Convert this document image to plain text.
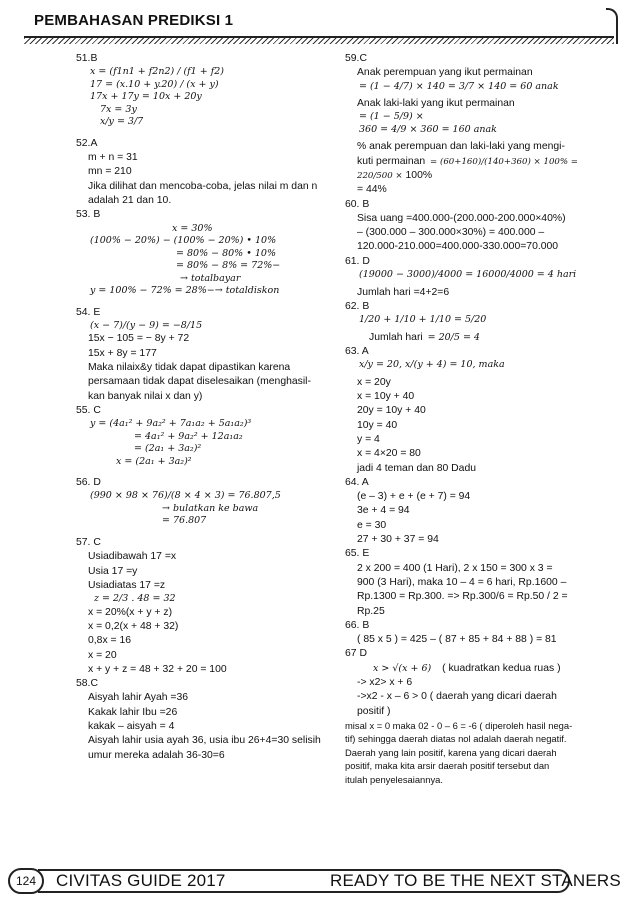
PEMBAHASAN PREDIKSI 1
51.B
x = (f1n1 + f2n2) / (f1 + f2)
17 = (x.10 + y.20) / (x + y)
17x + 17y = 10x + 20y
7x = 3y
x/y = 3/7
52.A
m + n = 31
mn = 210
Jika dilihat dan mencoba-coba, jelas nilai m dan n
adalah 21 dan 10.
53. B
x = 30%
(100% − 20%) − (100% − 20%) • 10%
= 80% − 80% • 10%
= 80% − 8% = 72%−
→ totalbayar
y = 100% − 72% = 28%−→ totaldiskon
54. E
(x − 7)/(y − 9) = −8/15
15x − 105 = − 8y + 72
15x + 8y = 177
Maka nilaix&y tidak dapat dipastikan karena
persamaan tidak dapat diselesaikan (menghasil-
kan banyak nilai x dan y)
55. C
y = (4a₁² + 9a₂² + 7a₁a₂ + 5a₁a₂)³
= 4a₁² + 9a₂² + 12a₁a₂
= (2a₁ + 3a₂)²
x = (2a₁ + 3a₂)²
56. D
(990 × 98 × 76)/(8 × 4 × 3) = 76.807,5
→ bulatkan ke bawa
= 76.807
57. C
Usiadibawah 17 =x
Usia 17 =y
Usiadiatas 17 =z
z = 2/3 . 48 = 32
x = 20%(x + y + z)
x = 0,2(x + 48 + 32)
0,8x = 16
x = 20
x + y + z = 48 + 32 + 20 = 100
58.C
Aisyah lahir Ayah =36
Kakak lahir Ibu =26
kakak – aisyah = 4
Aisyah lahir usia ayah 36, usia ibu 26+4=30 selisih
umur mereka adalah 36-30=6
59.C
Anak perempuan yang ikut permainan
= (1 − 4/7) × 140 = 3/7 × 140 = 60 anak
Anak laki-laki yang ikut permainan
= (1 − 5/9) ×
360 = 4/9 × 360 = 160 anak
% anak perempuan dan laki-laki yang mengi-
kuti permainan = (60+160)/(140+360) × 100% = 220/500 × 100%
= 44%
60. B
Sisa uang =400.000-(200.000-200.000×40%)
– (300.000 – 300.000×30%) = 400.000 –
120.000-210.000=400.000-330.000=70.000
61. D
(19000 − 3000)/4000 = 16000/4000 = 4 hari
Jumlah hari =4+2=6
62. B
1/20 + 1/10 + 1/10 = 5/20
Jumlah hari = 20/5 = 4
63. A
x/y = 20, x/(y + 4) = 10, maka
x = 20y
x = 10y + 40
20y = 10y + 40
10y = 40
y = 4
x = 4×20 = 80
jadi 4 teman dan 80 Dadu
64. A
(e – 3) + e + (e + 7) = 94
3e + 4 = 94
e = 30
27 + 30 + 37 = 94
65. E
2 x 200 = 400 (1 Hari), 2 x 150 = 300 x 3 =
900 (3 Hari), maka 10 – 4 = 6 hari, Rp.1600 –
Rp.1300 = Rp.300. => Rp.300/6 = Rp.50 / 2 =
Rp.25
66. B
( 85 x 5 ) = 425 – ( 87 + 85 + 84 + 88 ) = 81
67 D
x > √(x + 6) ( kuadratkan kedua ruas )
-> x2> x + 6
->x2 - x – 6 > 0 ( daerah yang dicari daerah
positif )
misal x = 0 maka 02 - 0 – 6 = -6 ( diperoleh hasil nega-
tif) sehingga daerah diatas nol adalah daerah negatif.
Daerah yang lain positif, karena yang dicari daerah
positif, maka kita arsir daerah positif tersebut dan
itulah penyelesaiannya.
124	CIVITAS GUIDE 2017	READY TO BE THE NEXT STANERS
